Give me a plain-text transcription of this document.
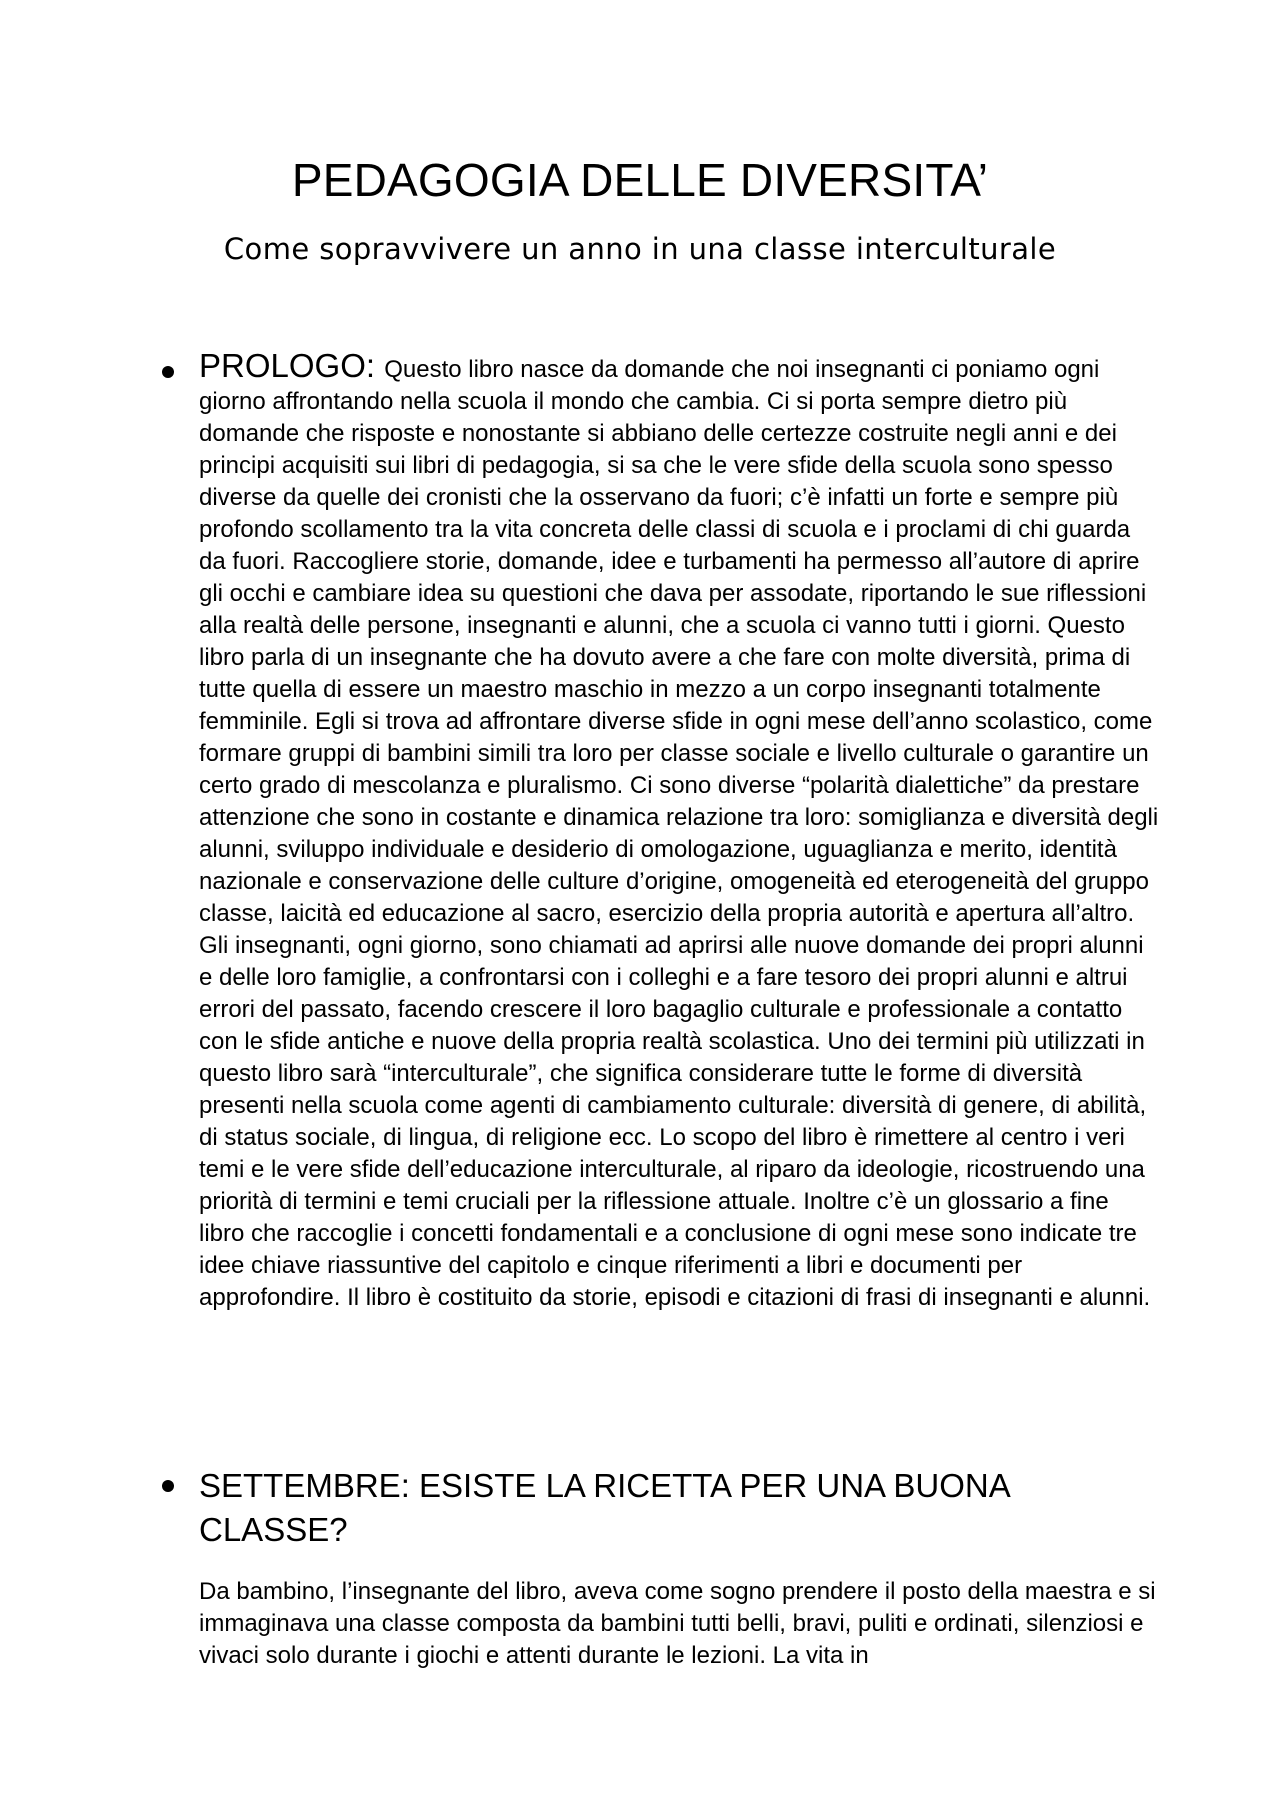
PEDAGOGIA DELLE DIVERSITA’
Come sopravvivere un anno in una classe interculturale
PROLOGO: Questo libro nasce da domande che noi insegnanti ci poniamo ogni giorno affrontando nella scuola il mondo che cambia. Ci si porta sempre dietro più domande che risposte e nonostante si abbiano delle certezze costruite negli anni e dei principi acquisiti sui libri di pedagogia, si sa che le vere sfide della scuola sono spesso diverse da quelle dei cronisti che la osservano da fuori; c’è infatti un forte e sempre più profondo scollamento tra la vita concreta delle classi di scuola e i proclami di chi guarda da fuori. Raccogliere storie, domande, idee e turbamenti ha permesso all’autore di aprire gli occhi e cambiare idea su questioni che dava per assodate, riportando le sue riflessioni alla realtà delle persone, insegnanti e alunni, che a scuola ci vanno tutti i giorni. Questo libro parla di un insegnante che ha dovuto avere a che fare con molte diversità, prima di tutte quella di essere un maestro maschio in mezzo a un corpo insegnanti totalmente femminile. Egli si trova ad affrontare diverse sfide in ogni mese dell’anno scolastico, come formare gruppi di bambini simili tra loro per classe sociale e livello culturale o garantire un certo grado di mescolanza e pluralismo. Ci sono diverse “polarità dialettiche” da prestare attenzione che sono in costante e dinamica relazione tra loro: somiglianza e diversità degli alunni, sviluppo individuale e desiderio di omologazione, uguaglianza e merito, identità nazionale e conservazione delle culture d’origine, omogeneità ed eterogeneità del gruppo classe, laicità ed educazione al sacro, esercizio della propria autorità e apertura all’altro. Gli insegnanti, ogni giorno, sono chiamati ad aprirsi alle nuove domande dei propri alunni e delle loro famiglie, a confrontarsi con i colleghi e a fare tesoro dei propri alunni e altrui errori del passato, facendo crescere il loro bagaglio culturale e professionale a contatto con le sfide antiche e nuove della propria realtà scolastica. Uno dei termini più utilizzati in questo libro sarà “interculturale”, che significa considerare tutte le forme di diversità presenti nella scuola come agenti di cambiamento culturale: diversità di genere, di abilità, di status sociale, di lingua, di religione ecc. Lo scopo del libro è rimettere al centro i veri temi e le vere sfide dell’educazione interculturale, al riparo da ideologie, ricostruendo una priorità di termini e temi cruciali per la riflessione attuale. Inoltre c’è un glossario a fine libro che raccoglie i concetti fondamentali e a conclusione di ogni mese sono indicate tre idee chiave riassuntive del capitolo e cinque riferimenti a libri e documenti per approfondire. Il libro è costituito da storie, episodi e citazioni di frasi di insegnanti e alunni.
SETTEMBRE: ESISTE LA RICETTA PER UNA BUONA CLASSE?
Da bambino, l’insegnante del libro, aveva come sogno prendere il posto della maestra e si immaginava una classe composta da bambini tutti belli, bravi, puliti e ordinati, silenziosi e vivaci solo durante i giochi e attenti durante le lezioni. La vita in
